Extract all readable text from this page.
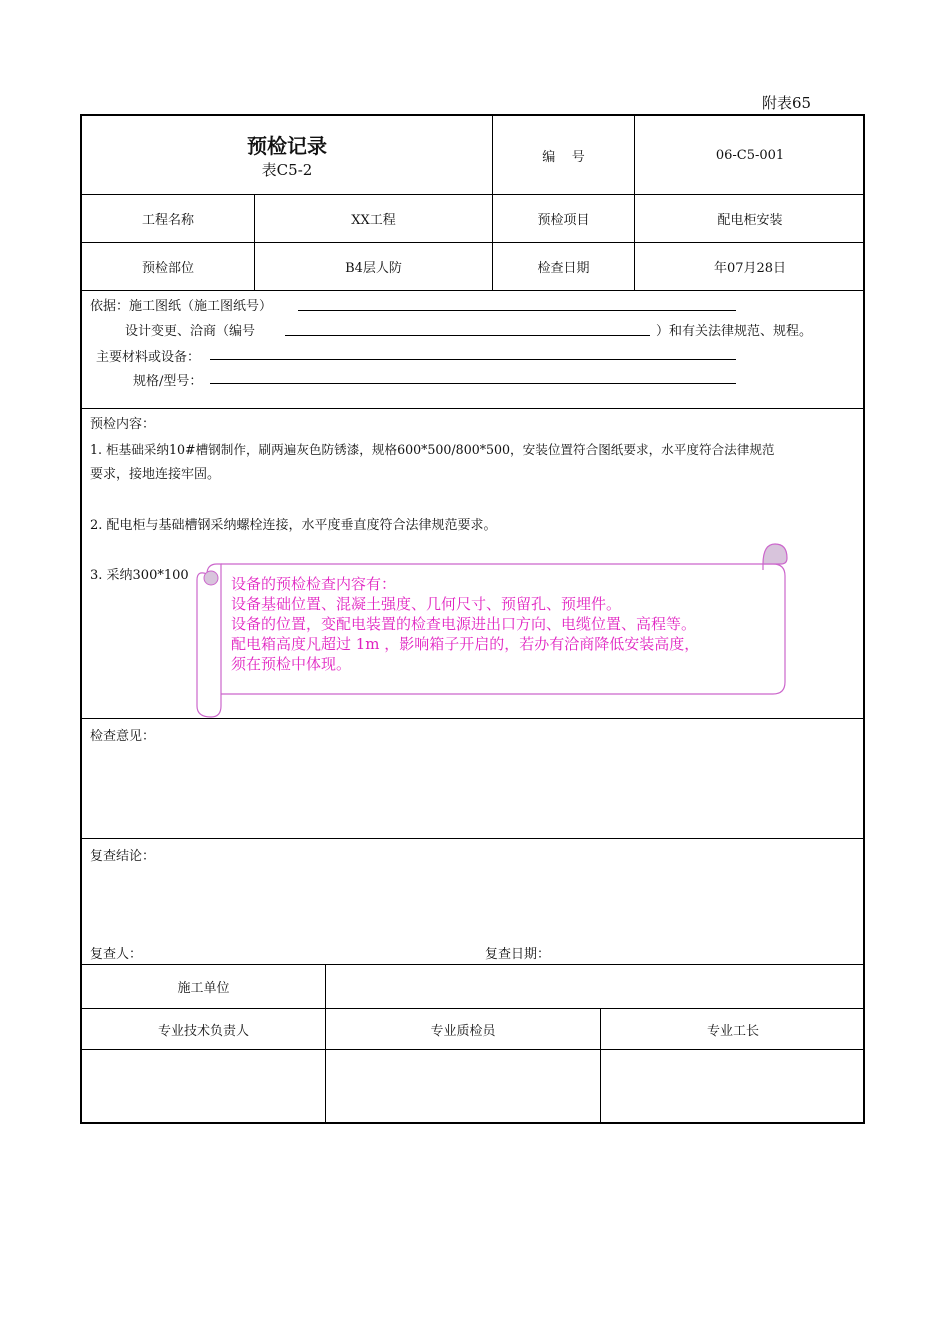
附表65
预检记录
表C5-2
编    号	06-C5-001
工程名称	XX工程	预检项目	配电柜安装
预检部位	B4层人防	检查日期	年07月28日
依据：施工图纸（施工图纸号）
设计变更、洽商（编号	）和有关法律规范、规程。
主要材料或设备：
规格/型号：
预检内容：
1. 柜基础采纳10#槽钢制作，刷两遍灰色防锈漆，规格600*500/800*500，安装位置符合图纸要求，水平度符合法律规范
要求，接地连接牢固。
2. 配电柜与基础槽钢采纳螺栓连接，水平度垂直度符合法律规范要求。
3. 采纳300*100	设备的预检检查内容有：
设备基础位置、混凝土强度、几何尺寸、预留孔、预埋件。
设备的位置，变配电装置的检查电源进出口方向、电缆位置、高程等。
配电箱高度凡超过 1m ，影响箱子开启的，若办有洽商降低安装高度，
须在预检中体现。
检查意见：
复查结论：
复查人：	复查日期：
施工单位
专业技术负责人	专业质检员	专业工长
